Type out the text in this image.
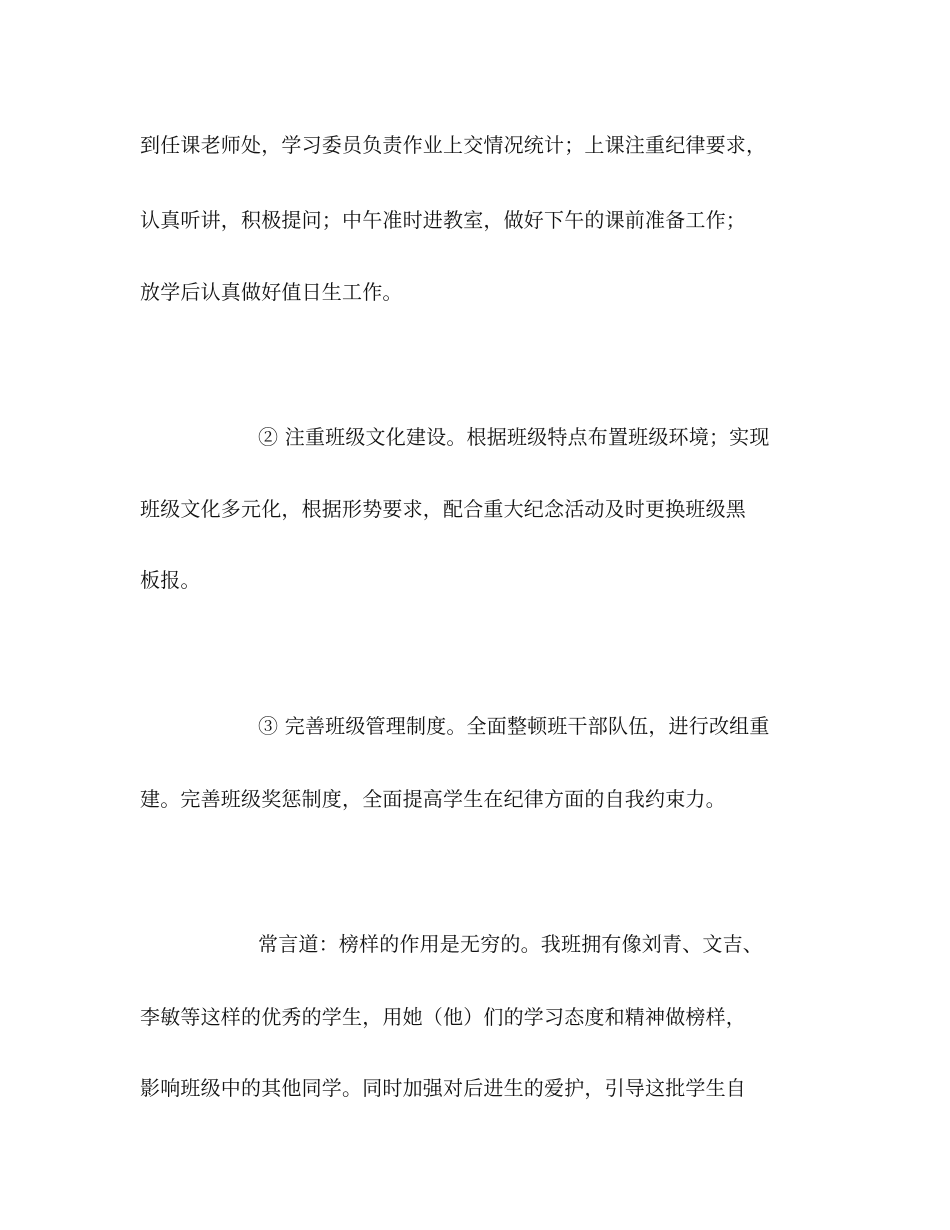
到任课老师处，学习委员负责作业上交情况统计；上课注重纪律要求，
认真听讲，积极提问；中午准时进教室，做好下午的课前准备工作；
放学后认真做好值日生工作。
② 注重班级文化建设。根据班级特点布置班级环境；实现
班级文化多元化，根据形势要求，配合重大纪念活动及时更换班级黑
板报。
③ 完善班级管理制度。全面整顿班干部队伍，进行改组重
建。完善班级奖惩制度，全面提高学生在纪律方面的自我约束力。
常言道：榜样的作用是无穷的。我班拥有像刘青、文吉、
李敏等这样的优秀的学生，用她（他）们的学习态度和精神做榜样，
影响班级中的其他同学。同时加强对后进生的爱护，引导这批学生自
